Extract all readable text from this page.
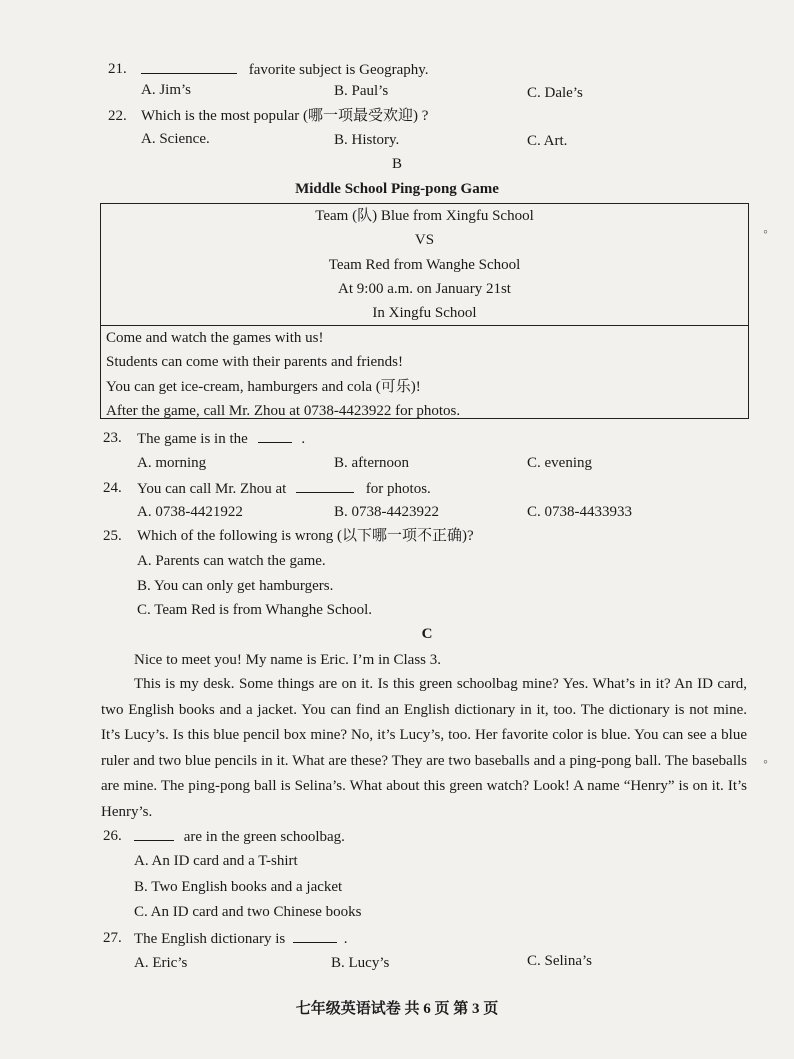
21.	favorite subject is Geography.
A. Jim’s	B. Paul’s	C. Dale’s
22. Which is the most popular (哪一项最受欢迎) ?
A. Science.	B. History.	C. Art.
B
Middle School Ping-pong Game
Team (队) Blue from Xingfu School
VS
Team Red from Wanghe School
At 9:00 a.m. on January 21st
In Xingfu School
Come and watch the games with us!
Students can come with their parents and friends!
You can get ice-cream, hamburgers and cola (可乐)!
After the game, call Mr. Zhou at 0738-4423922 for photos.
23. The game is in the	.
A. morning	B. afternoon	C. evening
24. You can call Mr. Zhou at	for photos.
A. 0738-4421922	B. 0738-4423922	C. 0738-4433933
25. Which of the following is wrong (以下哪一项不正确)?
A. Parents can watch the game.
B. You can only get hamburgers.
C. Team Red is from Whanghe School.
C
Nice to meet you! My name is Eric. I’m in Class 3.
This is my desk. Some things are on it. Is this green schoolbag mine? Yes. What’s in it? An ID card, two English books and a jacket. You can find an English dictionary in it, too. The dictionary is not mine. It’s Lucy’s. Is this blue pencil box mine? No, it’s Lucy’s, too. Her favorite color is blue. You can see a blue ruler and two blue pencils in it. What are these? They are two baseballs and a ping-pong ball. The baseballs are mine. The ping-pong ball is Selina’s. What about this green watch? Look! A name “Henry” is on it. It’s Henry’s.
26.	are in the green schoolbag.
A. An ID card and a T-shirt
B. Two English books and a jacket
C. An ID card and two Chinese books
27. The English dictionary is	.
A. Eric’s	B. Lucy’s	C. Selina’s
七年级英语试卷 共 6 页 第 3 页
◦
◦
